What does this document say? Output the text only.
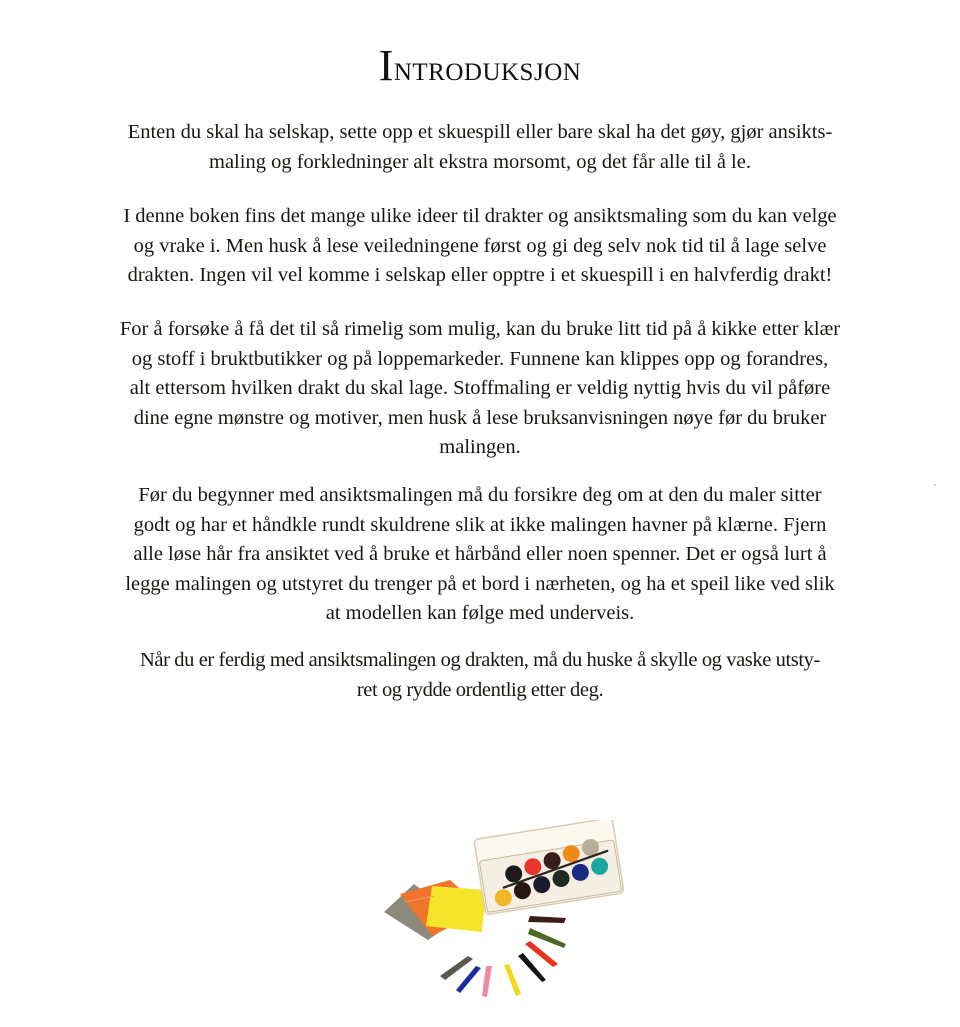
Introduksjon
Enten du skal ha selskap, sette opp et skuespill eller bare skal ha det gøy, gjør ansikts-
maling og forkledninger alt ekstra morsomt, og det får alle til å le.
I denne boken fins det mange ulike ideer til drakter og ansiktsmaling som du kan velge
og vrake i. Men husk å lese veiledningene først og gi deg selv nok tid til å lage selve
drakten. Ingen vil vel komme i selskap eller opptre i et skuespill i en halvferdig drakt!
For å forsøke å få det til så rimelig som mulig, kan du bruke litt tid på å kikke etter klær
og stoff i bruktbutikker og på loppemarkeder. Funnene kan klippes opp og forandres,
alt ettersom hvilken drakt du skal lage. Stoffmaling er veldig nyttig hvis du vil påføre
dine egne mønstre og motiver, men husk å lese bruksanvisningen nøye før du bruker
malingen.
Før du begynner med ansiktsmalingen må du forsikre deg om at den du maler sitter
godt og har et håndkle rundt skuldrene slik at ikke malingen havner på klærne. Fjern
alle løse hår fra ansiktet ved å bruke et hårbånd eller noen spenner. Det er også lurt å
legge malingen og utstyret du trenger på et bord i nærheten, og ha et speil like ved slik
at modellen kan følge med underveis.
Når du er ferdig med ansiktsmalingen og drakten, må du huske å skylle og vaske utsty-
ret og rydde ordentlig etter deg.
